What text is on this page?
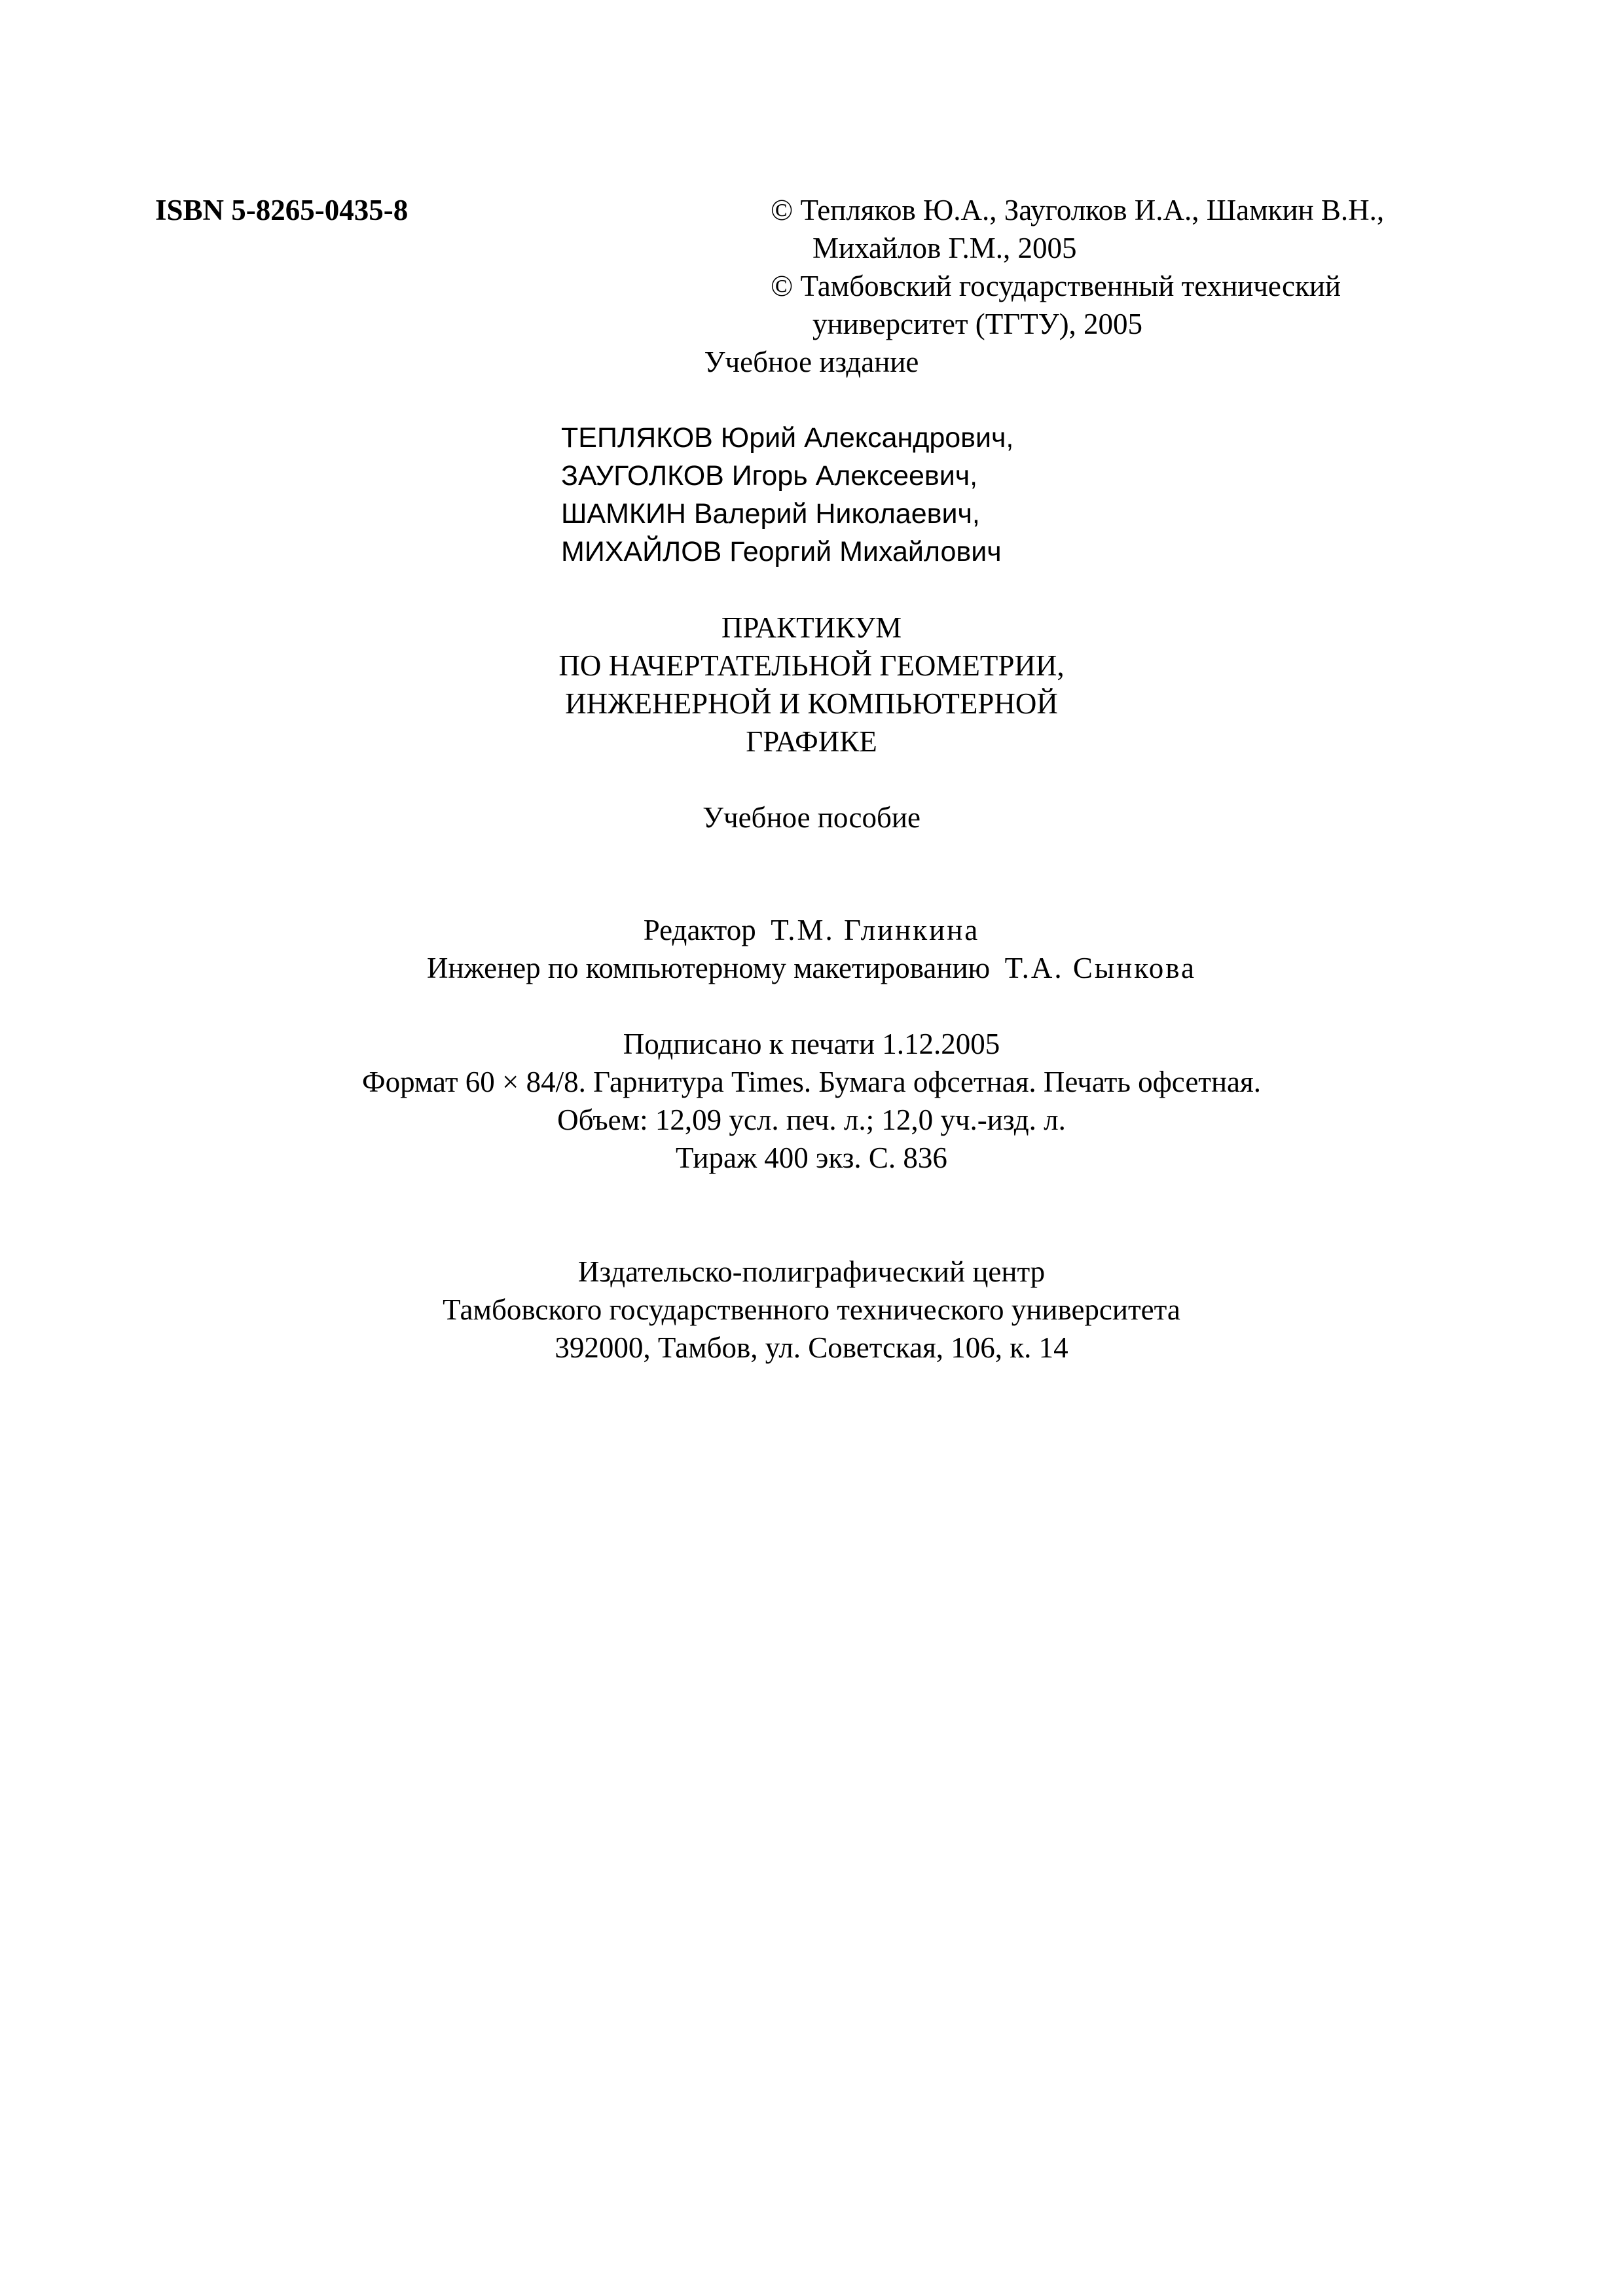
ISBN 5-8265-0435-8	© Тепляков Ю.А., Зауголков И.А., Шамкин В.Н.,
Михайлов Г.М., 2005
© Тамбовский государственный технический
университет (ТГТУ), 2005
Учебное издание
ТЕПЛЯКОВ Юрий Александрович,
ЗАУГОЛКОВ Игорь Алексеевич,
ШАМКИН Валерий Николаевич,
МИХАЙЛОВ Георгий Михайлович
ПРАКТИКУМ
ПО НАЧЕРТАТЕЛЬНОЙ ГЕОМЕТРИИ,
ИНЖЕНЕРНОЙ И КОМПЬЮТЕРНОЙ
ГРАФИКЕ
Учебное пособие
Редактор Т.М. Глинкина
Инженер по компьютерному макетированию Т.А. Сынкова
Подписано к печати 1.12.2005
Формат 60 × 84/8. Гарнитура Times. Бумага офсетная. Печать офсетная.
Объем: 12,09 усл. печ. л.; 12,0 уч.-изд. л.
Тираж 400 экз. С. 836
Издательско-полиграфический центр
Тамбовского государственного технического университета
392000, Тамбов, ул. Советская, 106, к. 14
